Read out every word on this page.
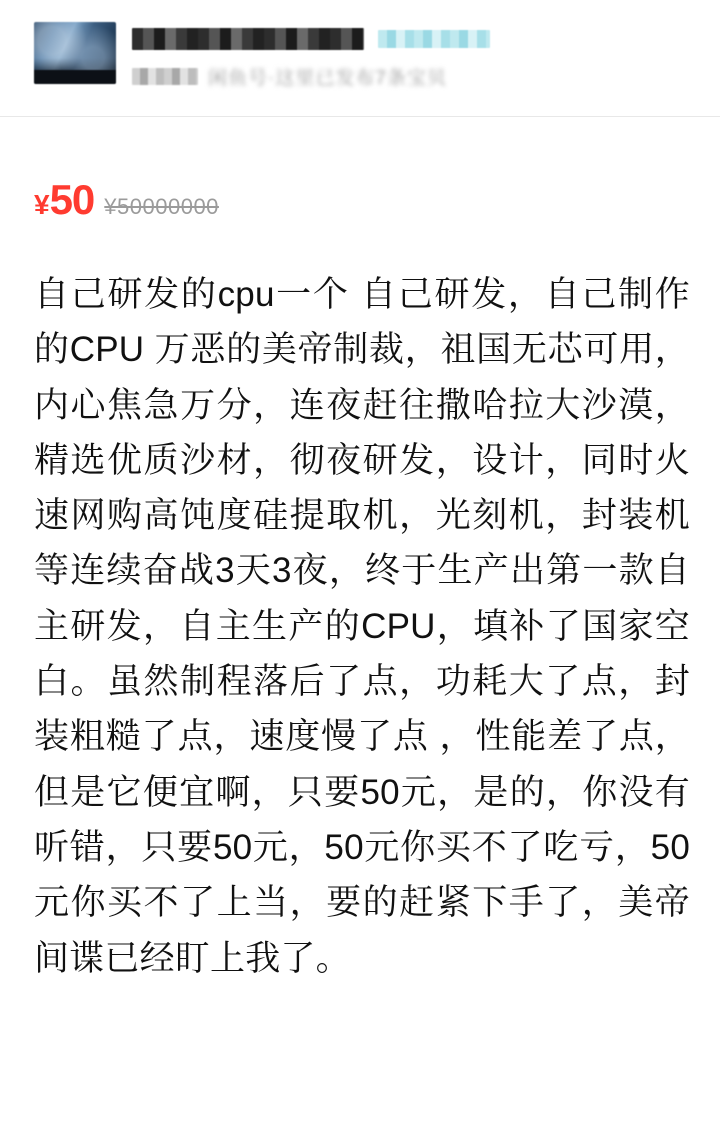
闲鱼号·这里已发布7条宝贝
¥ 50 ¥50000000
自己研发的cpu一个 自己研发，自己制作的CPU 万恶的美帝制裁，祖国无芯可用，内心焦急万分，连夜赶往撒哈拉大沙漠，精选优质沙材，彻夜研发，设计，同时火速网购高饨度硅提取机，光刻机，封装机等连续奋战3天3夜，终于生产出第一款自主研发，自主生产的CPU，填补了国家空白。虽然制程落后了点，功耗大了点，封装粗糙了点，速度慢了点 ，性能差了点，但是它便宜啊，只要50元，是的，你没有听错，只要50元，50元你买不了吃亏，50元你买不了上当，要的赶紧下手了，美帝间谍已经盯上我了。
